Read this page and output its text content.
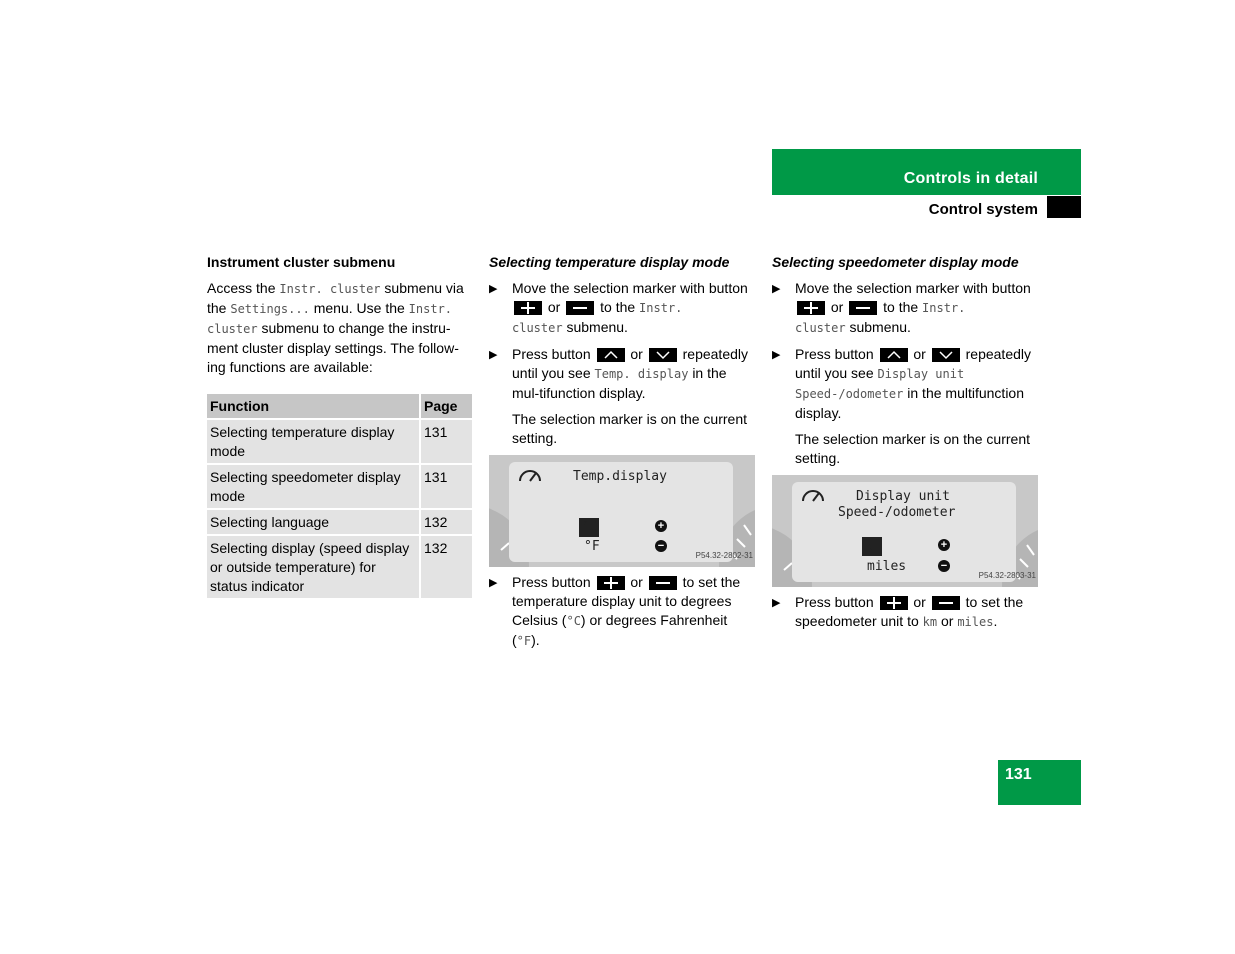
Controls in detail
Control system

Instrument cluster submenu

Access the Instr. cluster submenu via the Settings... menu. Use the Instr.
cluster submenu to change the instru-ment cluster display settings. The follow-ing functions are available:

Function	Page
Selecting temperature display mode	131
Selecting speedometer display mode	131
Selecting language	132
Selecting display (speed display or outside temperature) for status indicator	132

Selecting temperature display mode

▶ Move the selection marker with button
or	to the Instr.
cluster submenu.
▶ Press button	or	repeatedly until you see Temp. display in the mul-tifunction display.

The selection marker is on the current setting.

Temp.display
°C
°F
+
−
P54.32-2802-31
▶ Press button	or	to set the temperature display unit to degrees Celsius (°C) or degrees Fahrenheit (°F).

Selecting speedometer display mode

▶ Move the selection marker with button
or	to the Instr.
cluster submenu.
▶ Press button	or	repeatedly until you see Display unit
Speed-/odometer in the multifunction display.

The selection marker is on the current setting.

Display unit
Speed-/odometer
km
miles
+
−
P54.32-2803-31
▶ Press button	or	to set the speedometer unit to km or miles.
131
